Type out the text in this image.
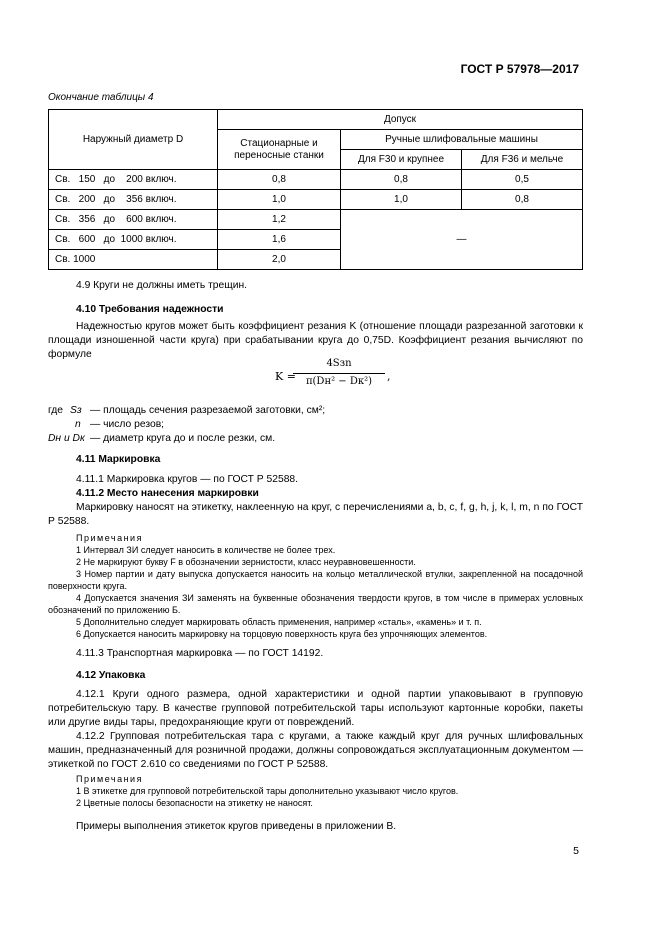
ГОСТ Р 57978—2017
Окончание таблицы 4
Наружный диаметр D	Допуск		
	Стационарные и переносные станки	Ручные шлифовальные машины	
		Для F30 и крупнее	Для F36 и мельче
Св.   150   до    200 включ.	0,8	0,8	0,5
Св.   200   до    356 включ.	1,0	1,0	0,8
Св.   356   до    600 включ.	1,2	—	
Св.   600   до  1000 включ.	1,6		
Св. 1000	2,0		

4.9 Круги не должны иметь трещин.

4.10 Требования надежности

Надежностью кругов может быть коэффициент резания K (отношение площади разрезанной заготовки к площади изношенной части круга) при срабатывании круга до 0,75D. Коэффициент резания вычисляют по формуле

K =
4Sзn
π(Dн² − Dк²)	,
где Sз — площадь сечения разрезаемой заготовки, см²;
n — число резов;
Dн и Dк — диаметр круга до и после резки, см.
4.11 Маркировка

4.11.1 Маркировка кругов — по ГОСТ Р 52588.

4.11.2 Место нанесения маркировки

Маркировку наносят на этикетку, наклеенную на круг, с перечислениями a, b, c, f, g, h, j, k, l, m, n по ГОСТ Р 52588.

Примечания

1 Интервал ЗИ следует наносить в количестве не более трех.

2 Не маркируют букву F в обозначении зернистости, класс неуравновешенности.

3 Номер партии и дату выпуска допускается наносить на кольцо металлической втулки, закрепленной на посадочной поверхности круга.

4 Допускается значения ЗИ заменять на буквенные обозначения твердости кругов, в том числе в примерах условных обозначений по приложению Б.

5 Дополнительно следует маркировать область применения, например «сталь», «камень» и т. п.

6 Допускается наносить маркировку на торцовую поверхность круга без упрочняющих элементов.

4.11.3 Транспортная маркировка — по ГОСТ 14192.

4.12 Упаковка

4.12.1 Круги одного размера, одной характеристики и одной партии упаковывают в групповую потребительскую тару. В качестве групповой потребительской тары используют картонные коробки, пакеты или другие виды тары, предохраняющие круги от повреждений.

4.12.2 Групповая потребительская тара с кругами, а также каждый круг для ручных шлифовальных машин, предназначенный для розничной продажи, должны сопровождаться эксплуатационным документом — этикеткой по ГОСТ 2.610 со сведениями по ГОСТ Р 52588.

Примечания

1 В этикетке для групповой потребительской тары дополнительно указывают число кругов.

2 Цветные полосы безопасности на этикетку не наносят.

Примеры выполнения этикеток кругов приведены в приложении В.

5
